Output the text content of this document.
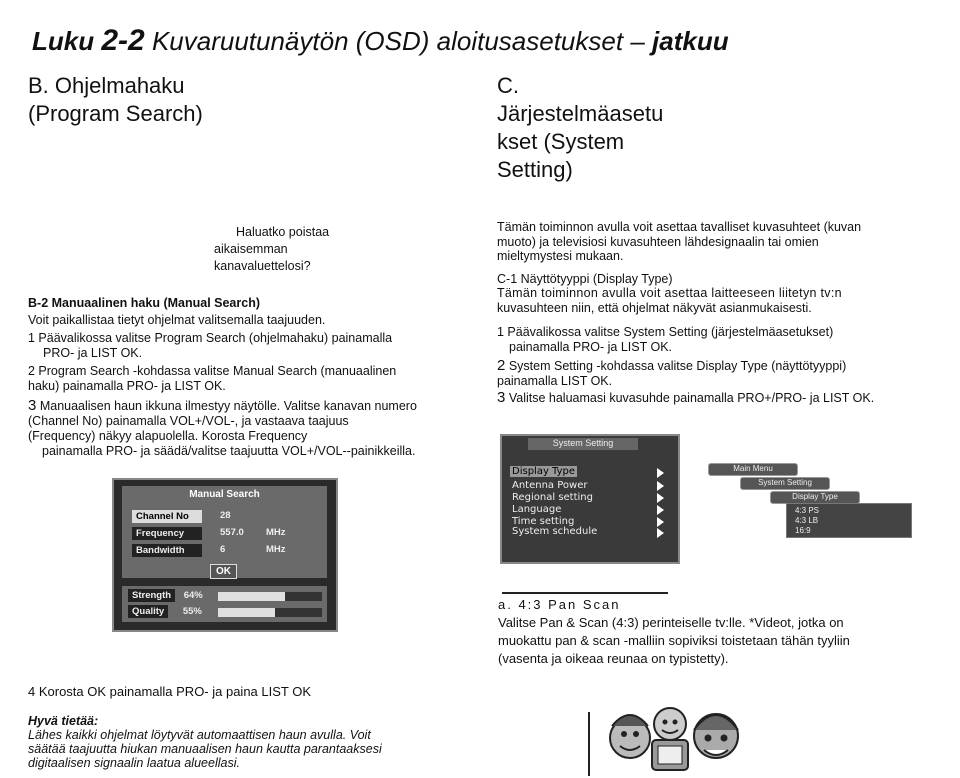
Luku 2-2 Kuvaruutunäytön (OSD) aloitusasetukset – jatkuu
B. Ohjelmahaku
(Program Search)
Haluatko poistaa
aikaisemman
kanavaluettelosi?
B-2 Manuaalinen haku (Manual Search)
Voit paikallistaa tietyt ohjelmat valitsemalla taajuuden.
1 Päävalikossa valitse Program Search (ohjelmahaku) painamalla
PRO- ja LIST OK.
2 Program Search -kohdassa valitse Manual Search (manuaalinen
haku) painamalla PRO- ja LIST OK.
3 Manuaalisen haun ikkuna ilmestyy näytölle. Valitse kanavan numero
(Channel No) painamalla VOL+/VOL-, ja vastaava taajuus
(Frequency) näkyy alapuolella. Korosta Frequency
painamalla PRO- ja säädä/valitse taajuutta VOL+/VOL--painikkeilla.
Manual Search
Channel No	28
Frequency	557.0 MHz
Bandwidth	6	MHz
OK
Strength 64%
Quality 55%
4 Korosta OK painamalla PRO- ja paina LIST OK
Hyvä tietää:
Lähes kaikki ohjelmat löytyvät automaattisen haun avulla. Voit
säätää taajuutta hiukan manuaalisen haun kautta parantaaksesi
digitaalisen signaalin laatua alueellasi.
C.
Järjestelmäasetu
kset (System
Setting)
Tämän toiminnon avulla voit asettaa tavalliset kuvasuhteet (kuvan
muoto) ja televisiosi kuvasuhteen lähdesignaalin tai omien
mieltymystesi mukaan.
C-1 Näyttötyyppi (Display Type)
Tämän toiminnon avulla voit asettaa laitteeseen liitetyn tv:n
kuvasuhteen niin, että ohjelmat näkyvät asianmukaisesti.
1 Päävalikossa valitse System Setting (järjestelmäasetukset)
painamalla PRO- ja LIST OK.
2 System Setting -kohdassa valitse Display Type (näyttötyyppi)
painamalla LIST OK.
3 Valitse haluamasi kuvasuhde painamalla PRO+/PRO- ja LIST OK.
System Setting
Display Type
Antenna Power
Regional setting
Language
Time setting
System schedule
Main Menu
System Setting
Display Type
4:3 PS
4:3 LB
16:9
a. 4:3 Pan Scan
Valitse Pan & Scan (4:3) perinteiselle tv:lle. *Videot, jotka on
muokattu pan & scan -malliin sopiviksi toistetaan tähän tyyliin
(vasenta ja oikeaa reunaa on typistetty).
